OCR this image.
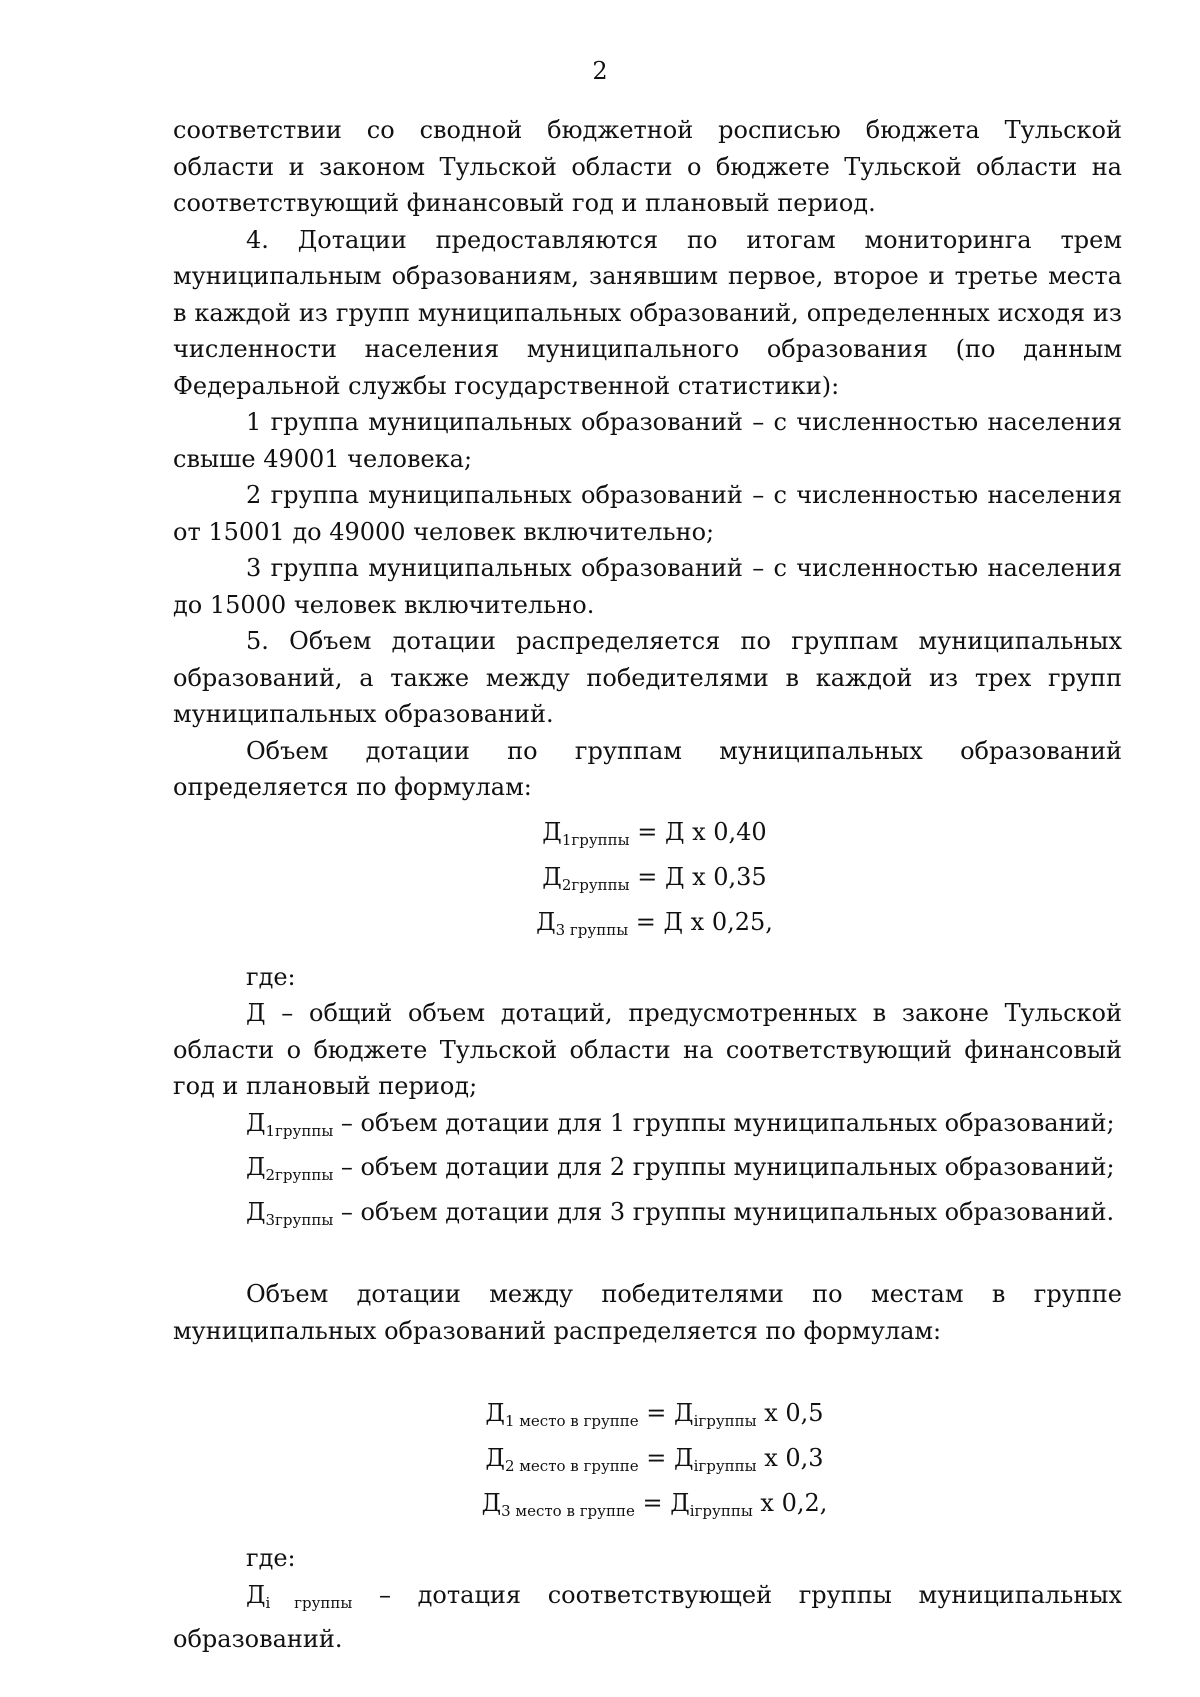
2

соответствии со сводной бюджетной росписью бюджета Тульской области и законом Тульской области о бюджете Тульской области на соответствующий финансовый год и плановый период.

4. Дотации предоставляются по итогам мониторинга трем муниципальным образованиям, занявшим первое, второе и третье места в каждой из групп муниципальных образований, определенных исходя из численности населения муниципального образования (по данным Федеральной службы государственной статистики):

1 группа муниципальных образований – с численностью населения свыше 49001 человека;

2 группа муниципальных образований – с численностью населения от 15001 до 49000 человек включительно;

3 группа муниципальных образований – с численностью населения до 15000 человек включительно.

5. Объем дотации распределяется по группам муниципальных образований, а также между победителями в каждой из трех групп муниципальных образований.

Объем дотации по группам муниципальных образований определяется по формулам:

$Д_{1группы} = Д$ х 0,40
$Д_{2группы} = Д$ х 0,35
$Д_{3 группы} = Д$ х 0,25,

где:

Д – общий объем дотаций, предусмотренных в законе Тульской области о бюджете Тульской области на соответствующий финансовый год и плановый период;

$Д_{1группы}$ – объем дотации для 1 группы муниципальных образований;

$Д_{2группы}$ – объем дотации для 2 группы муниципальных образований;

$Д_{3группы}$ – объем дотации для 3 группы муниципальных образований.

Объем дотации между победителями по местам в группе муниципальных образований распределяется по формулам:

$Д_{1 место в группе} = Д_{iгруппы}$ х 0,5
$Д_{2 место в группе} = Д_{iгруппы}$ х 0,3
$Д_{3 место в группе} = Д_{iгруппы}$ х 0,2,

где:

$Д_{i группы}$ – дотация соответствующей группы муниципальных образований.
